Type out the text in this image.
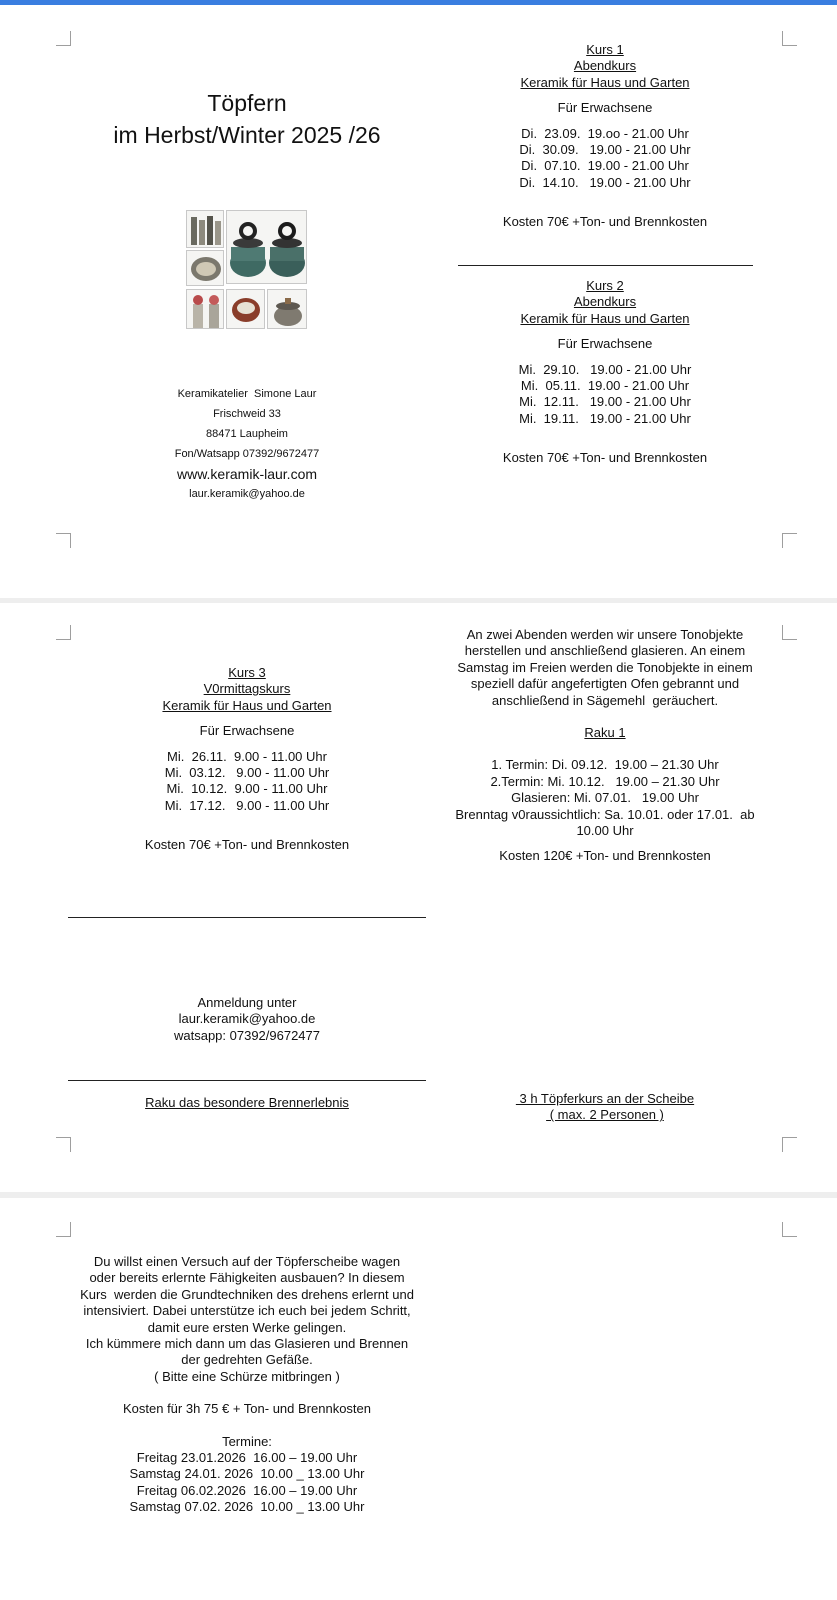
Töpfern
im Herbst/Winter 2025 /26
Keramikatelier  Simone Laur
Frischweid 33
88471 Laupheim
Fon/Watsapp 07392/9672477
www.keramik-laur.com
laur.keramik@yahoo.de
Kurs 1
Abendkurs
Keramik für Haus und Garten
Für Erwachsene
Di.  23.09.  19.oo - 21.00 Uhr
Di.  30.09.   19.00 - 21.00 Uhr
Di.  07.10.  19.00 - 21.00 Uhr
Di.  14.10.   19.00 - 21.00 Uhr
Kosten 70€ +Ton- und Brennkosten
Kurs 2
Abendkurs
Keramik für Haus und Garten
Für Erwachsene
Mi.  29.10.   19.00 - 21.00 Uhr
Mi.  05.11.  19.00 - 21.00 Uhr
Mi.  12.11.   19.00 - 21.00 Uhr
Mi.  19.11.   19.00 - 21.00 Uhr
Kosten 70€ +Ton- und Brennkosten
Kurs 3
V0rmittagskurs
Keramik für Haus und Garten
Für Erwachsene
Mi.  26.11.  9.00 - 11.00 Uhr
Mi.  03.12.   9.00 - 11.00 Uhr
Mi.  10.12.  9.00 - 11.00 Uhr
Mi.  17.12.   9.00 - 11.00 Uhr
Kosten 70€ +Ton- und Brennkosten
Anmeldung unter
laur.keramik@yahoo.de
watsapp: 07392/9672477
Raku das besondere Brennerlebnis
An zwei Abenden werden wir unsere Tonobjekte
herstellen und anschließend glasieren. An einem
Samstag im Freien werden die Tonobjekte in einem
speziell dafür angefertigten Ofen gebrannt und
anschließend in Sägemehl  geräuchert.
Raku 1
1. Termin: Di. 09.12.  19.00 – 21.30 Uhr
2.Termin: Mi. 10.12.   19.00 – 21.30 Uhr
Glasieren: Mi. 07.01.   19.00 Uhr
Brenntag v0raussichtlich: Sa. 10.01. oder 17.01.  ab
10.00 Uhr
Kosten 120€ +Ton- und Brennkosten
3 h Töpferkurs an der Scheibe
( max. 2 Personen )
Du willst einen Versuch auf der Töpferscheibe wagen
oder bereits erlernte Fähigkeiten ausbauen? In diesem
Kurs  werden die Grundtechniken des drehens erlernt und
intensiviert. Dabei unterstütze ich euch bei jedem Schritt,
damit eure ersten Werke gelingen.
Ich kümmere mich dann um das Glasieren und Brennen
der gedrehten Gefäße.
( Bitte eine Schürze mitbringen )
Kosten für 3h 75 € + Ton- und Brennkosten
Termine:
Freitag 23.01.2026  16.00 – 19.00 Uhr
Samstag 24.01. 2026  10.00 _ 13.00 Uhr
Freitag 06.02.2026  16.00 – 19.00 Uhr
Samstag 07.02. 2026  10.00 _ 13.00 Uhr
